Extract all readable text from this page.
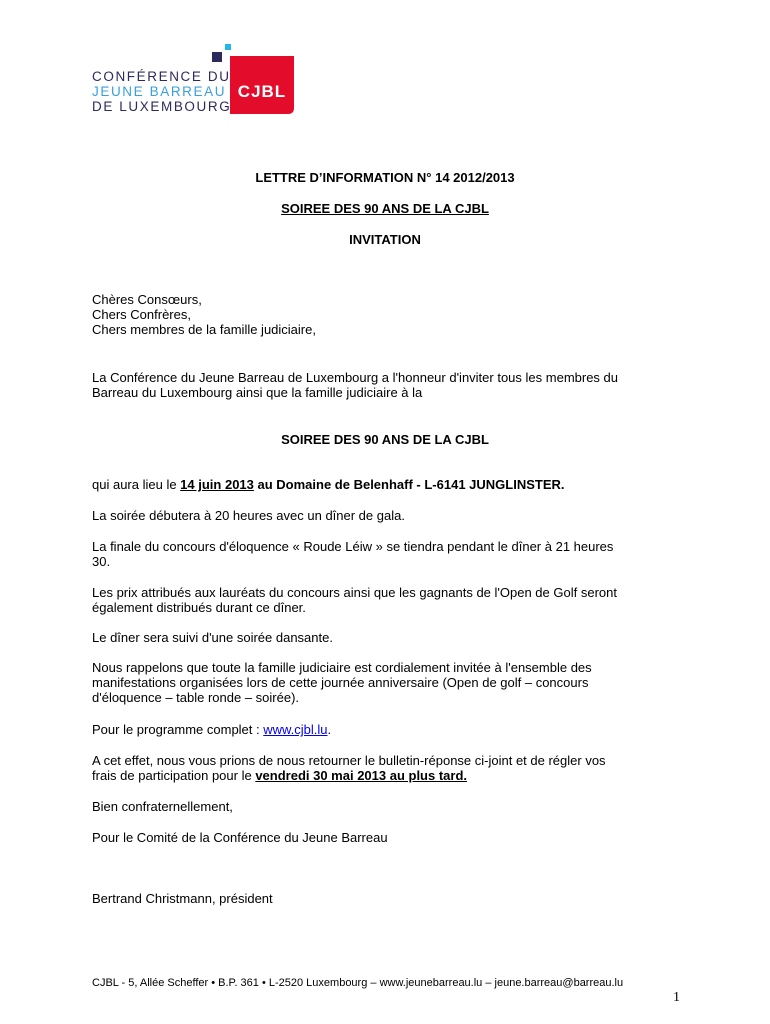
CJBL
CONFÉRENCE DU
JEUNE BARREAU
DE LUXEMBOURG
LETTRE D’INFORMATION N° 14 2012/2013
SOIREE DES 90 ANS DE LA CJBL
INVITATION
Chères Consœurs,
Chers Confrères,
Chers membres de la famille judiciaire,
La Conférence du Jeune Barreau de Luxembourg a l'honneur d'inviter tous les membres du
Barreau du Luxembourg ainsi que la famille judiciaire à la
SOIREE DES 90 ANS DE LA CJBL
qui aura lieu le 14 juin 2013 au Domaine de Belenhaff - L-6141 JUNGLINSTER.
La soirée débutera à 20 heures avec un dîner de gala.
La finale du concours d'éloquence « Roude Léiw » se tiendra pendant le dîner à 21 heures
30.
Les prix attribués aux lauréats du concours ainsi que les gagnants de l'Open de Golf seront
également distribués durant ce dîner.
Le dîner sera suivi d'une soirée dansante.
Nous rappelons que toute la famille judiciaire est cordialement invitée à l'ensemble des
manifestations organisées lors de cette journée anniversaire (Open de golf – concours
d'éloquence – table ronde – soirée).
Pour le programme complet : www.cjbl.lu.
A cet effet, nous vous prions de nous retourner le bulletin-réponse ci-joint et de régler vos
frais de participation pour le vendredi 30 mai 2013 au plus tard.
Bien confraternellement,
Pour le Comité de la Conférence du Jeune Barreau
Bertrand Christmann, président
CJBL - 5, Allée Scheffer • B.P. 361 • L-2520 Luxembourg – www.jeunebarreau.lu – jeune.barreau@barreau.lu
1
